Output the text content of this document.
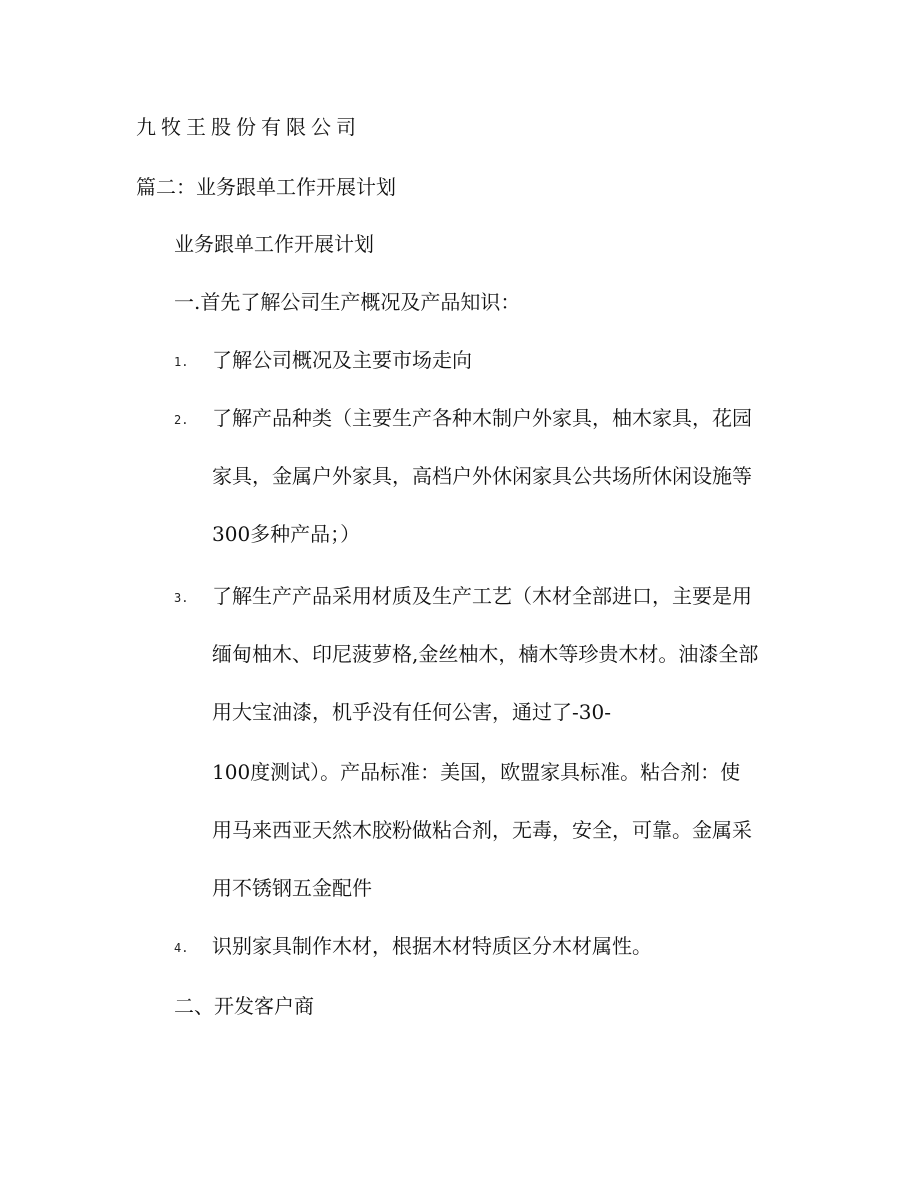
九牧王股份有限公司
篇二：业务跟单工作开展计划
业务跟单工作开展计划
一.首先了解公司生产概况及产品知识：
1. 了解公司概况及主要市场走向
2. 了解产品种类（主要生产各种木制户外家具，柚木家具，花园
家具，金属户外家具，高档户外休闲家具公共场所休闲设施等
300多种产品；）
3. 了解生产产品采用材质及生产工艺（木材全部进口，主要是用
缅甸柚木、印尼菠萝格,金丝柚木，楠木等珍贵木材。油漆全部
用大宝油漆，机乎没有任何公害，通过了-30-
100度测试）。产品标准：美国，欧盟家具标准。粘合剂：使
用马来西亚天然木胶粉做粘合剂，无毒，安全，可靠。金属采
用不锈钢五金配件
4. 识别家具制作木材，根据木材特质区分木材属性。
二、开发客户商
